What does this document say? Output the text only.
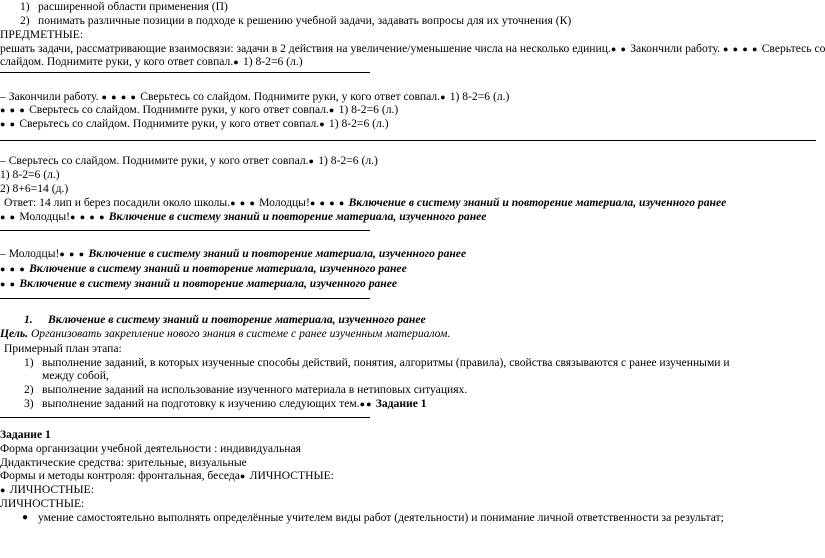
1) расширенной области применения (П)
2) понимать различные позиции в подходе к решению учебной задачи, задавать вопросы для их уточнения (К)
ПРЕДМЕТНЫЕ:
решать задачи, рассматривающие взаимосвязи: задачи в 2 действия на увеличение/уменьшение числа на несколько единиц.● ● Закончили работу. ● ● ● ● Сверьтесь со
слайдом. Поднимите руки, у кого ответ совпал.● 1) 8-2=6 (л.)
– Закончили работу. ● ● ● ● Сверьтесь со слайдом. Поднимите руки, у кого ответ совпал.● 1) 8-2=6 (л.)
● ● ● Сверьтесь со слайдом. Поднимите руки, у кого ответ совпал.● 1) 8-2=6 (л.)
● ● Сверьтесь со слайдом. Поднимите руки, у кого ответ совпал.● 1) 8-2=6 (л.)
– Сверьтесь со слайдом. Поднимите руки, у кого ответ совпал.● 1) 8-2=6 (л.)
1) 8-2=6 (л.)
2) 8+6=14 (д.)
Ответ: 14 лип и берез посадили около школы.● ● ● Молодцы!● ● ● ● Включение в систему знаний и повторение материала, изученного ранее
● ● Молодцы!● ● ● ● Включение в систему знаний и повторение материала, изученного ранее
– Молодцы!● ● ● Включение в систему знаний и повторение материала, изученного ранее
● ● ● Включение в систему знаний и повторение материала, изученного ранее
● ● Включение в систему знаний и повторение материала, изученного ранее
1. Включение в систему знаний и повторение материала, изученного ранее
Цель. Организовать закрепление нового знания в системе с ранее изученным материалом.
Примерный план этапа:
1) выполнение заданий, в которых изученные способы действий, понятия, алгоритмы (правила), свойства связываются с ранее изученными и
между собой,
2) выполнение заданий на использование изученного материала в нетиповых ситуациях.
3) выполнение заданий на подготовку к изучению следующих тем.●● Задание 1
Задание 1
Форма организации учебной деятельности : индивидуальная
Дидактические средства: зрительные, визуальные
Формы и методы контроля: фронтальная, беседа● ЛИЧНОСТНЫЕ:
● ЛИЧНОСТНЫЕ:
ЛИЧНОСТНЫЕ:
● умение самостоятельно выполнять определённые учителем виды работ (деятельности) и понимание личной ответственности за результат;
